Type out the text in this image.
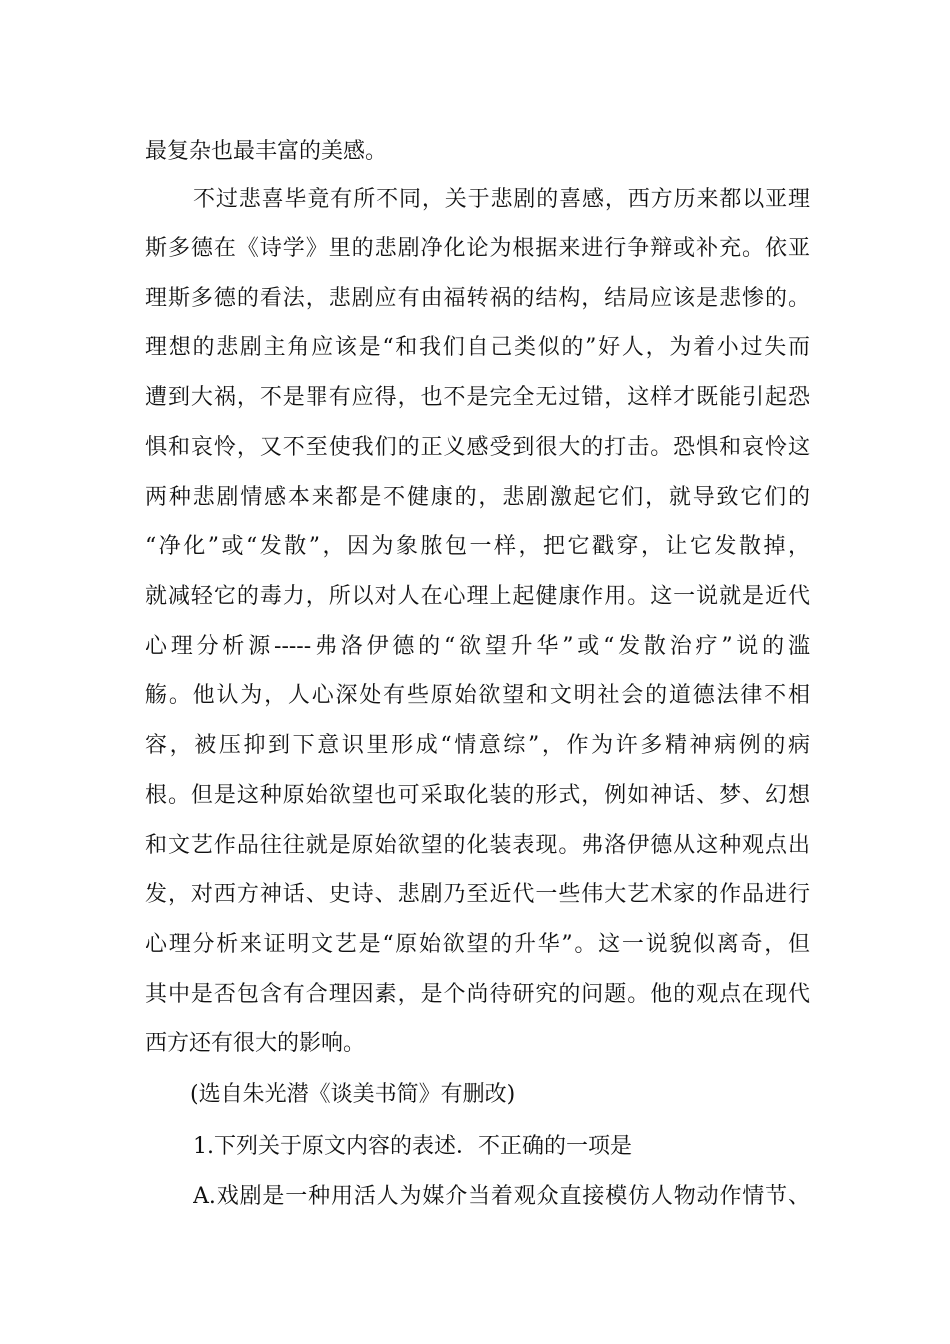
最复杂也最丰富的美感。
不过悲喜毕竟有所不同，关于悲剧的喜感，西方历来都以亚理
斯多德在《诗学》里的悲剧净化论为根据来进行争辩或补充。依亚
理斯多德的看法，悲剧应有由福转祸的结构，结局应该是悲惨的。
理想的悲剧主角应该是“和我们自己类似的”好人，为着小过失而
遭到大祸，不是罪有应得，也不是完全无过错，这样才既能引起恐
惧和哀怜，又不至使我们的正义感受到很大的打击。恐惧和哀怜这
两种悲剧情感本来都是不健康的，悲剧激起它们，就导致它们的
“净化”或“发散”，因为象脓包一样，把它戳穿，让它发散掉，
就减轻它的毒力，所以对人在心理上起健康作用。这一说就是近代
心理分析源-----弗洛伊德的“欲望升华”或“发散治疗”说的滥
觞。他认为，人心深处有些原始欲望和文明社会的道德法律不相
容，被压抑到下意识里形成“情意综”，作为许多精神病例的病
根。但是这种原始欲望也可采取化装的形式，例如神话、梦、幻想
和文艺作品往往就是原始欲望的化装表现。弗洛伊德从这种观点出
发，对西方神话、史诗、悲剧乃至近代一些伟大艺术家的作品进行
心理分析来证明文艺是“原始欲望的升华”。这一说貌似离奇，但
其中是否包含有合理因素，是个尚待研究的问题。他的观点在现代
西方还有很大的影响。
(选自朱光潜《谈美书简》有删改)
1.下列关于原文内容的表述．不正确的一项是
A.戏剧是一种用活人为媒介当着观众直接模仿人物动作情节、
